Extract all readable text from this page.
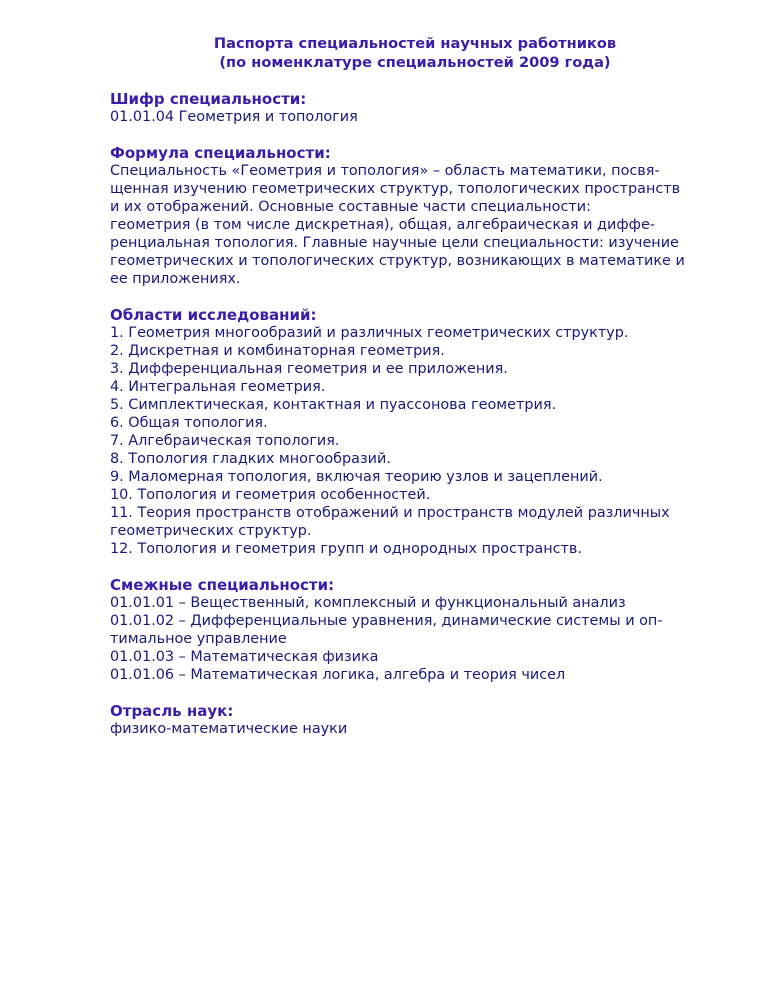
Паспорта специальностей научных работников

(по номенклатуре специальностей 2009 года)

Шифр специальности:

01.01.04 Геометрия и топология

Формула специальности:

Специальность «Геометрия и топология» – область математики, посвя-

щенная изучению геометрических структур, топологических пространств

и их отображений. Основные составные части специальности:

геометрия (в том числе дискретная), общая, алгебраическая и диффе-

ренциальная топология. Главные научные цели специальности: изучение

геометрических и топологических структур, возникающих в математике и

ее приложениях.

Области исследований:

1. Геометрия многообразий и различных геометрических структур.

2. Дискретная и комбинаторная геометрия.

3. Дифференциальная геометрия и ее приложения.

4. Интегральная геометрия.

5. Симплектическая, контактная и пуассонова геометрия.

6. Общая топология.

7. Алгебраическая топология.

8. Топология гладких многообразий.

9. Маломерная топология, включая теорию узлов и зацеплений.

10. Топология и геометрия особенностей.

11. Теория пространств отображений и пространств модулей различных

геометрических структур.

12. Топология и геометрия групп и однородных пространств.

Смежные специальности:

01.01.01 – Вещественный, комплексный и функциональный анализ

01.01.02 – Дифференциальные уравнения, динамические системы и оп-

тимальное управление

01.01.03 – Математическая физика

01.01.06 – Математическая логика, алгебра и теория чисел

Отрасль наук:

физико-математические науки
